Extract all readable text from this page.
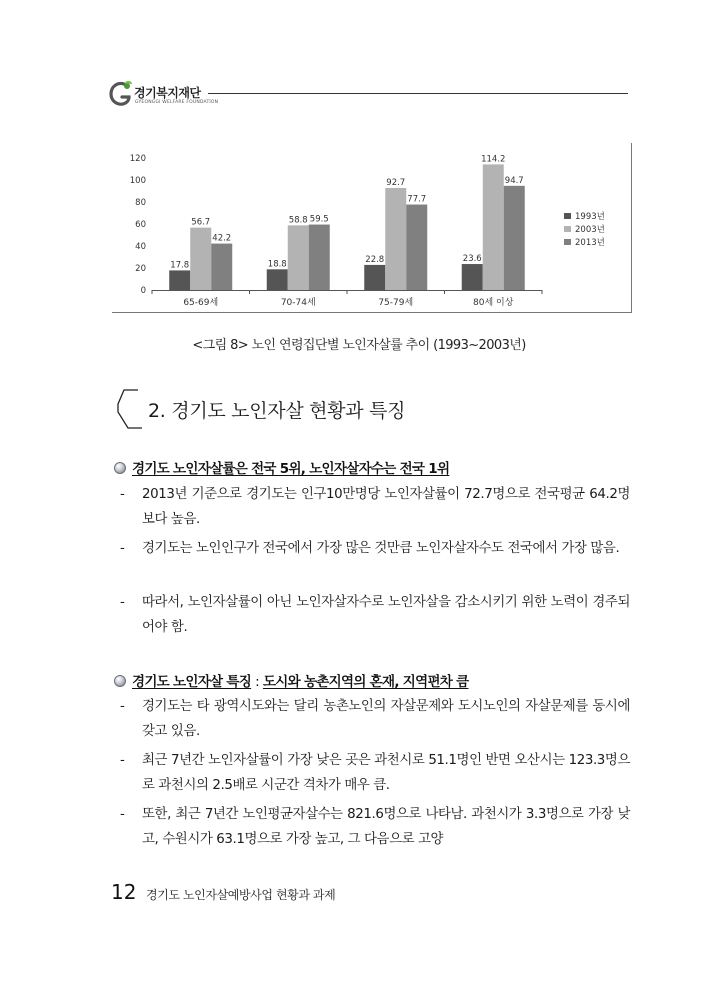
경기복지재단
GYEONGGI WELFARE FOUNDATION
0
20
40
60
80
100
120
17.8
56.7
42.2
65-69세
18.8
58.8 59.5
70-74세
22.8
92.7
77.7
75-79세
23.6
114.2
94.7
80세 이상
1993년
2003년
2013년
<그림 8> 노인 연령집단별 노인자살률 추이 (1993~2003년)
2. 경기도 노인자살 현황과 특징
경기도 노인자살률은 전국 5위, 노인자살자수는 전국 1위
-	2013년 기준으로 경기도는 인구10만명당 노인자살률이 72.7명으로 전국평균 64.2명보다 높음.
-	경기도는 노인인구가 전국에서 가장 많은 것만큼 노인자살자수도 전국에서 가장 많음.
-	따라서, 노인자살률이 아닌 노인자살자수로 노인자살을 감소시키기 위한 노력이 경주되어야 함.
경기도 노인자살 특징 : 도시와 농촌지역의 혼재, 지역편차 큼
-	경기도는 타 광역시도와는 달리 농촌노인의 자살문제와 도시노인의 자살문제를 동시에 갖고 있음.
-	최근 7년간 노인자살률이 가장 낮은 곳은 과천시로 51.1명인 반면 오산시는 123.3명으로 과천시의 2.5배로 시군간 격차가 매우 큼.
-	또한, 최근 7년간 노인평균자살수는 821.6명으로 나타남. 과천시가 3.3명으로 가장 낮고, 수원시가 63.1명으로 가장 높고, 그 다음으로 고양
12 경기도 노인자살예방사업 현황과 과제
